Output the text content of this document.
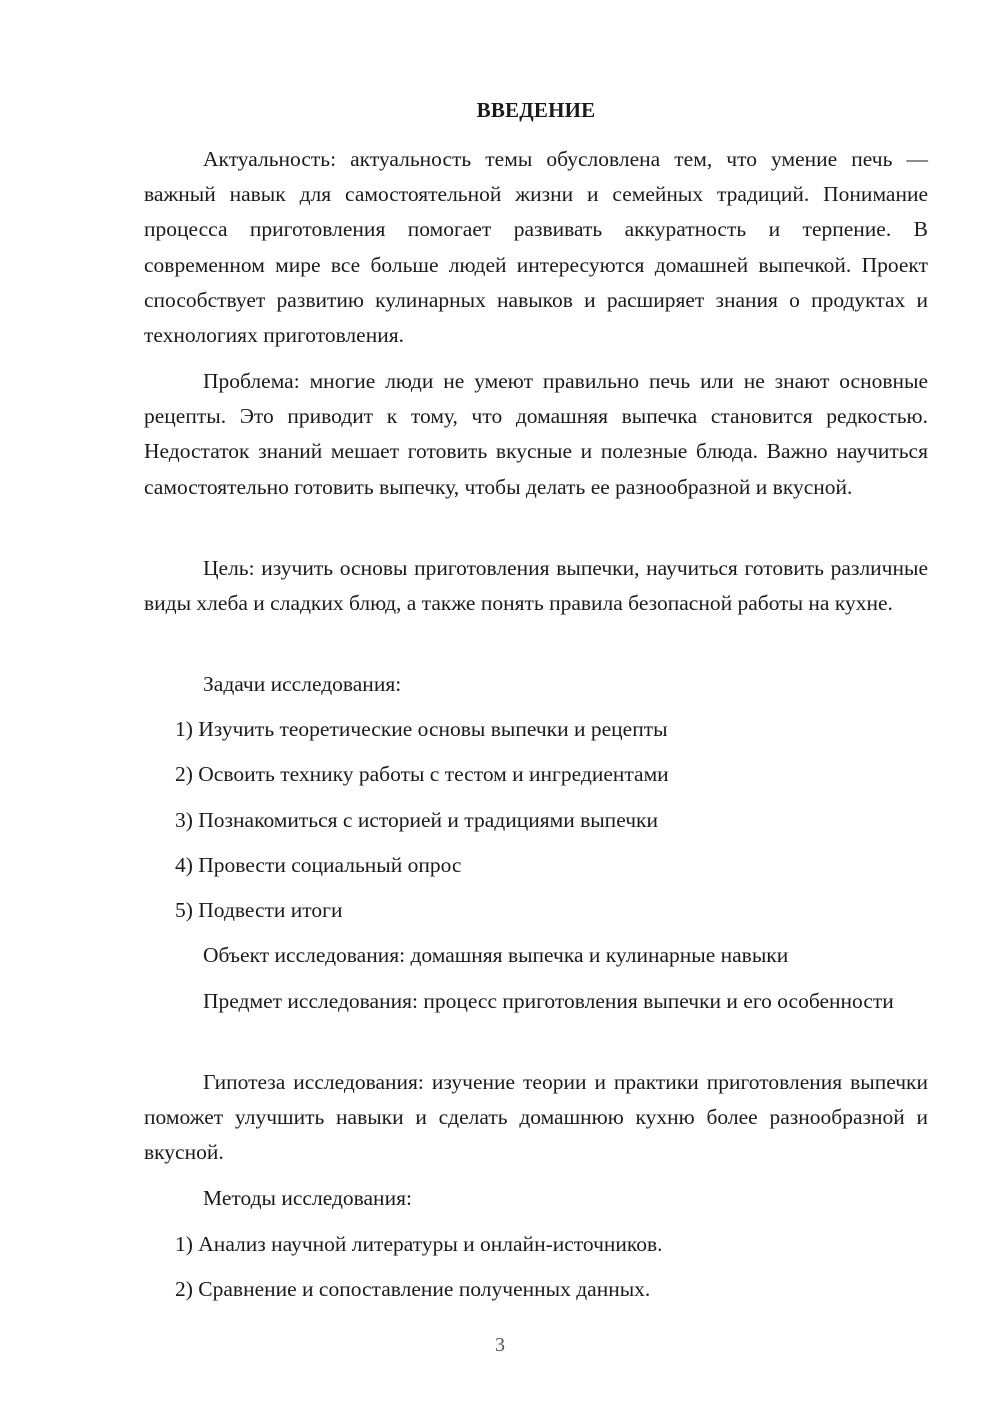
ВВЕДЕНИЕ

Актуальность: актуальность темы обусловлена тем, что умение печь — важный навык для самостоятельной жизни и семейных традиций. Понимание процесса приготовления помогает развивать аккуратность и терпение. В современном мире все больше людей интересуются домашней выпечкой. Проект способствует развитию кулинарных навыков и расширяет знания о продуктах и технологиях приготовления.

Проблема: многие люди не умеют правильно печь или не знают основные рецепты. Это приводит к тому, что домашняя выпечка становится редкостью. Недостаток знаний мешает готовить вкусные и полезные блюда. Важно научиться самостоятельно готовить выпечку, чтобы делать ее разнообразной и вкусной.

Цель: изучить основы приготовления выпечки, научиться готовить различные виды хлеба и сладких блюд, а также понять правила безопасной работы на кухне.

Задачи исследования:

1) Изучить теоретические основы выпечки и рецепты

2) Освоить технику работы с тестом и ингредиентами

3) Познакомиться с историей и традициями выпечки

4) Провести социальный опрос

5) Подвести итоги

Объект исследования: домашняя выпечка и кулинарные навыки

Предмет исследования: процесс приготовления выпечки и его особенности

Гипотеза исследования: изучение теории и практики приготовления выпечки поможет улучшить навыки и сделать домашнюю кухню более разнообразной и вкусной.

Методы исследования:

1) Анализ научной литературы и онлайн-источников.

2) Сравнение и сопоставление полученных данных.

3
